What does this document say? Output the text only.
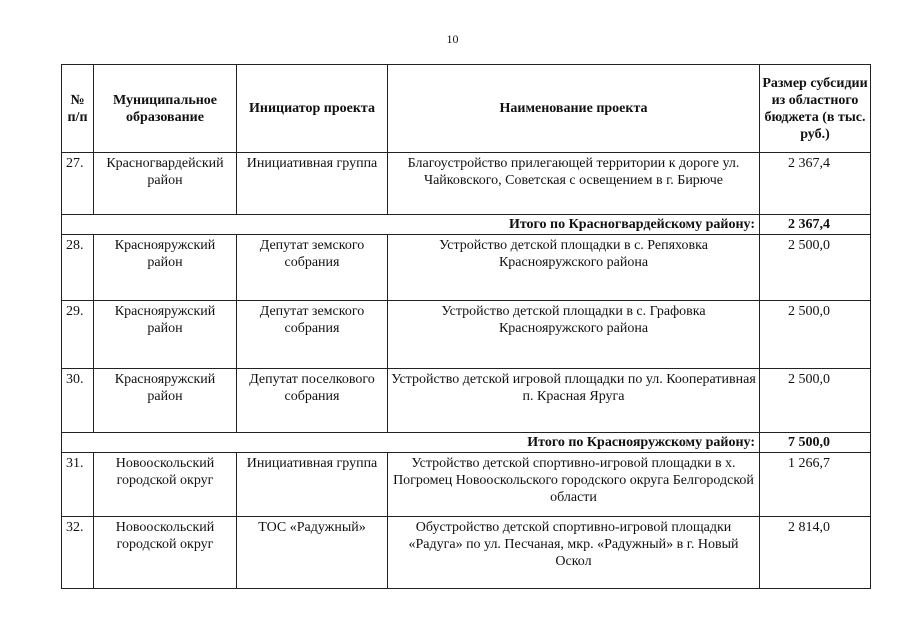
10
№ п/п	Муниципальное образование	Инициатор проекта	Наименование проекта	Размер субсидии из областного бюджета (в тыс. руб.)
27.	Красногвардейский район	Инициативная группа	Благоустройство прилегающей территории к дороге ул. Чайковского, Советская с освещением в г. Бирюче	2 367,4
Итого по Красногвардейскому району:				2 367,4
28.	Краснояружский район	Депутат земского собрания	Устройство детской площадки в с. Репяховка Краснояружского района	2 500,0
29.	Краснояружский район	Депутат земского собрания	Устройство детской площадки в с. Графовка Краснояружского района	2 500,0
30.	Краснояружский район	Депутат поселкового собрания	Устройство детской игровой площадки по ул. Кооперативная п. Красная Яруга	2 500,0
Итого по Краснояружскому району:				7 500,0
31.	Новооскольский городской округ	Инициативная группа	Устройство детской спортивно-игровой площадки в х. Погромец Новооскольского городского округа Белгородской области	1 266,7
32.	Новооскольский городской округ	ТОС «Радужный»	Обустройство детской спортивно-игровой площадки «Радуга» по ул. Песчаная, мкр. «Радужный» в г. Новый Оскол	2 814,0
